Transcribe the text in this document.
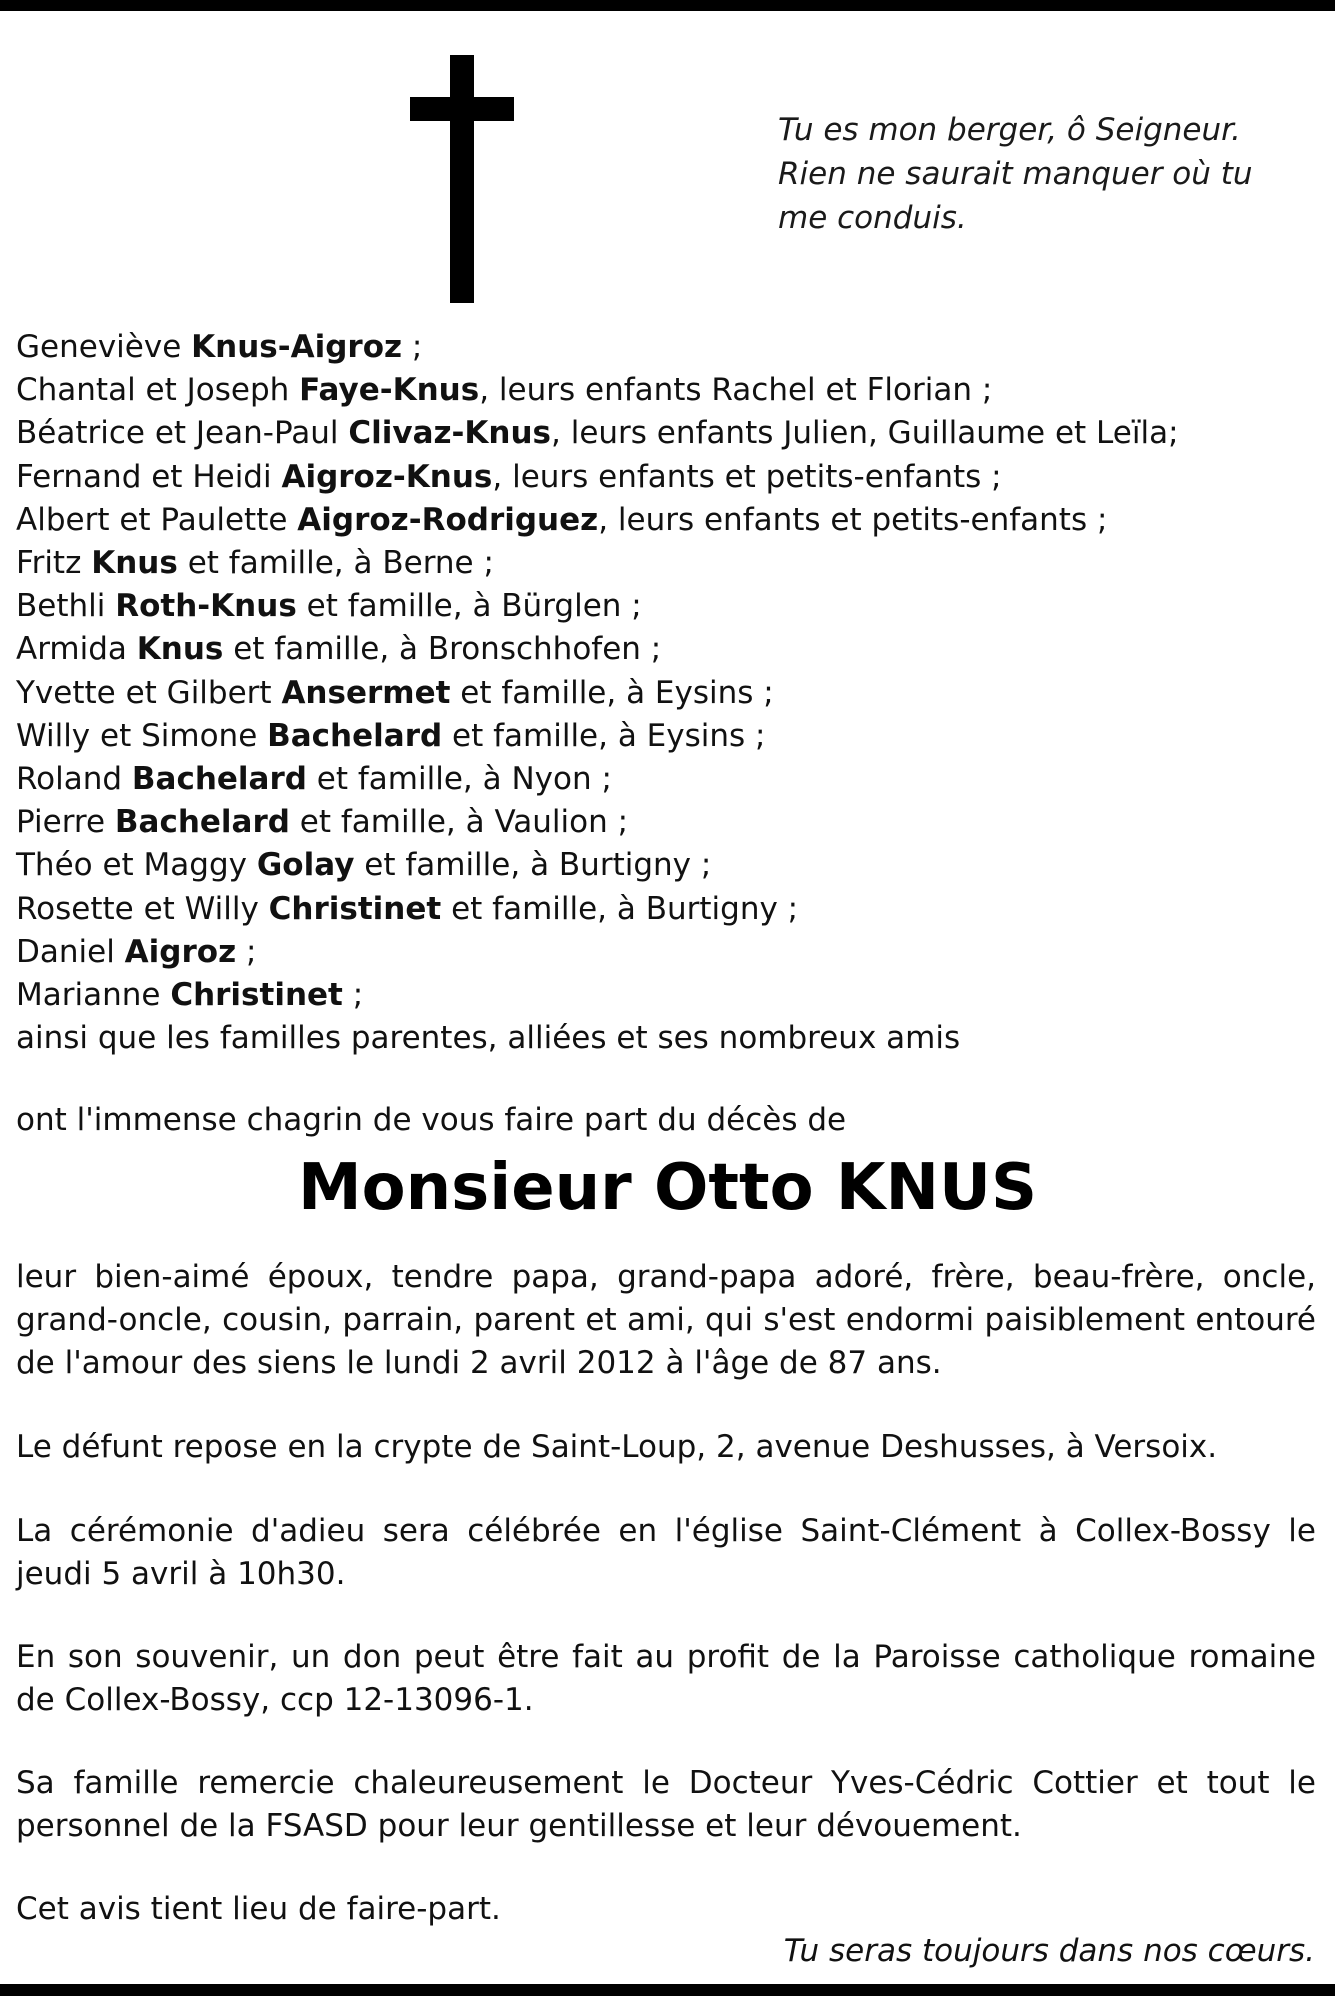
Tu es mon berger, ô Seigneur.
Rien ne saurait manquer où tu
me conduis.
Geneviève Knus-Aigroz ;
Chantal et Joseph Faye-Knus, leurs enfants Rachel et Florian ;
Béatrice et Jean-Paul Clivaz-Knus, leurs enfants Julien, Guillaume et Leïla;
Fernand et Heidi Aigroz-Knus, leurs enfants et petits-enfants ;
Albert et Paulette Aigroz-Rodriguez, leurs enfants et petits-enfants ;
Fritz Knus et famille, à Berne ;
Bethli Roth-Knus et famille, à Bürglen ;
Armida Knus et famille, à Bronschhofen ;
Yvette et Gilbert Ansermet et famille, à Eysins ;
Willy et Simone Bachelard et famille, à Eysins ;
Roland Bachelard et famille, à Nyon ;
Pierre Bachelard et famille, à Vaulion ;
Théo et Maggy Golay et famille, à Burtigny ;
Rosette et Willy Christinet et famille, à Burtigny ;
Daniel Aigroz ;
Marianne Christinet ;
ainsi que les familles parentes, alliées et ses nombreux amis
ont l'immense chagrin de vous faire part du décès de
Monsieur Otto KNUS
leur bien-aimé époux, tendre papa, grand-papa adoré, frère, beau-frère, oncle, grand-oncle, cousin, parrain, parent et ami, qui s'est endormi paisiblement entouré de l'amour des siens le lundi 2 avril 2012 à l'âge de 87 ans.
Le défunt repose en la crypte de Saint-Loup, 2, avenue Deshusses, à Versoix.
La cérémonie d'adieu sera célébrée en l'église Saint-Clément à Collex-Bossy le jeudi 5 avril à 10h30.
En son souvenir, un don peut être fait au profit de la Paroisse catholique romaine de Collex-Bossy, ccp 12-13096-1.
Sa famille remercie chaleureusement le Docteur Yves-Cédric Cottier et tout le personnel de la FSASD pour leur gentillesse et leur dévouement.
Cet avis tient lieu de faire-part.
Tu seras toujours dans nos cœurs.
